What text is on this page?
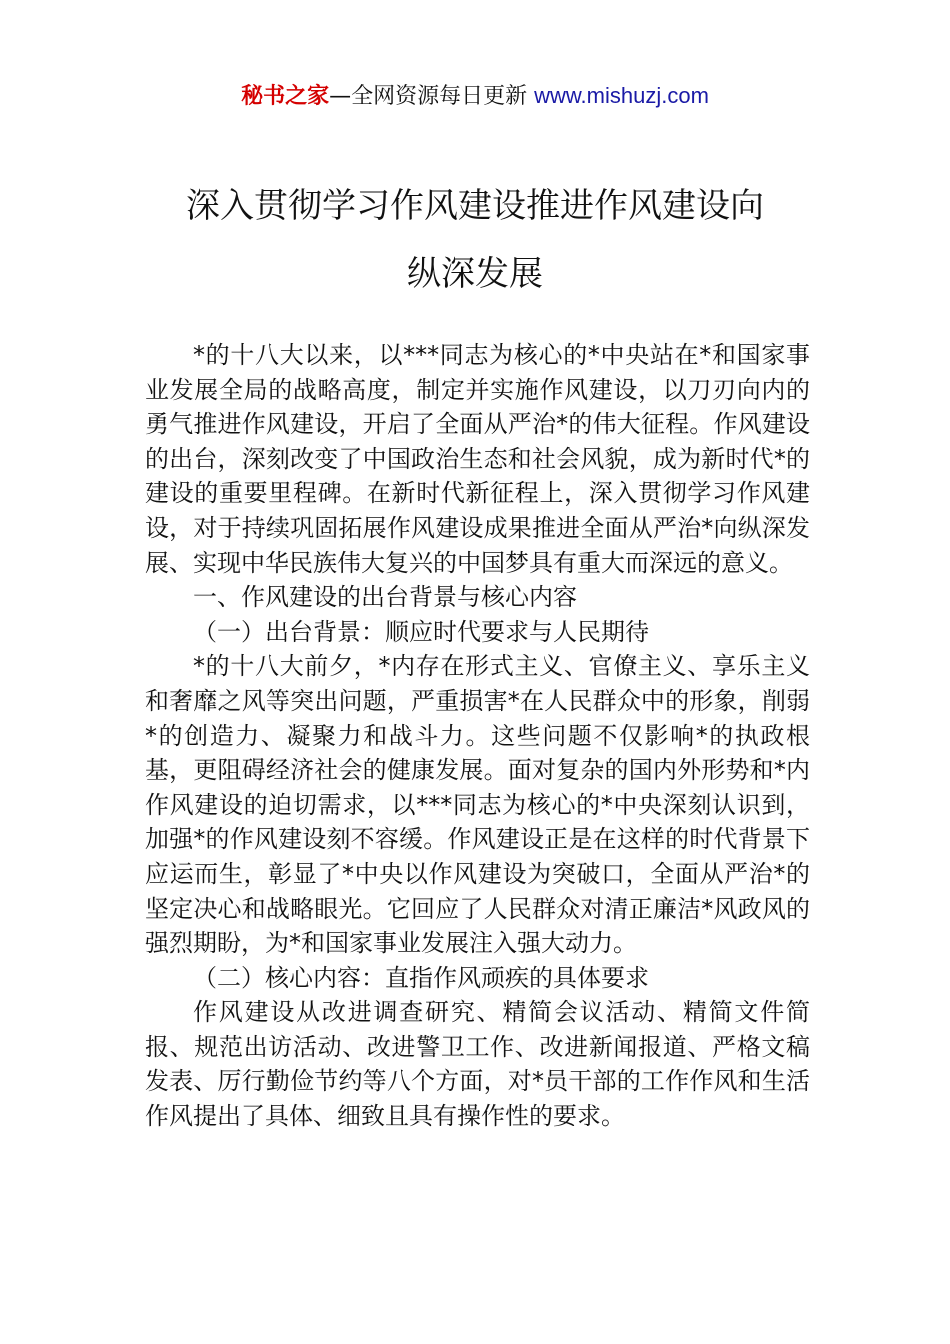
秘书之家—全网资源每日更新 www.mishuzj.com
深入贯彻学习作风建设推进作风建设向
纵深发展

*的十八大以来，以***同志为核心的*中央站在*和国家事业发展全局的战略高度，制定并实施作风建设，以刀刃向内的勇气推进作风建设，开启了全面从严治*的伟大征程。作风建设的出台，深刻改变了中国政治生态和社会风貌，成为新时代*的建设的重要里程碑。在新时代新征程上，深入贯彻学习作风建设，对于持续巩固拓展作风建设成果推进全面从严治*向纵深发展、实现中华民族伟大复兴的中国梦具有重大而深远的意义。

一、作风建设的出台背景与核心内容

（一）出台背景：顺应时代要求与人民期待

*的十八大前夕，*内存在形式主义、官僚主义、享乐主义和奢靡之风等突出问题，严重损害*在人民群众中的形象，削弱*的创造力、凝聚力和战斗力。这些问题不仅影响*的执政根基，更阻碍经济社会的健康发展。面对复杂的国内外形势和*内作风建设的迫切需求，以***同志为核心的*中央深刻认识到，加强*的作风建设刻不容缓。作风建设正是在这样的时代背景下应运而生，彰显了*中央以作风建设为突破口，全面从严治*的坚定决心和战略眼光。它回应了人民群众对清正廉洁*风政风的强烈期盼，为*和国家事业发展注入强大动力。

（二）核心内容：直指作风顽疾的具体要求

作风建设从改进调查研究、精简会议活动、精简文件简报、规范出访活动、改进警卫工作、改进新闻报道、严格文稿发表、厉行勤俭节约等八个方面，对*员干部的工作作风和生活作风提出了具体、细致且具有操作性的要求。
